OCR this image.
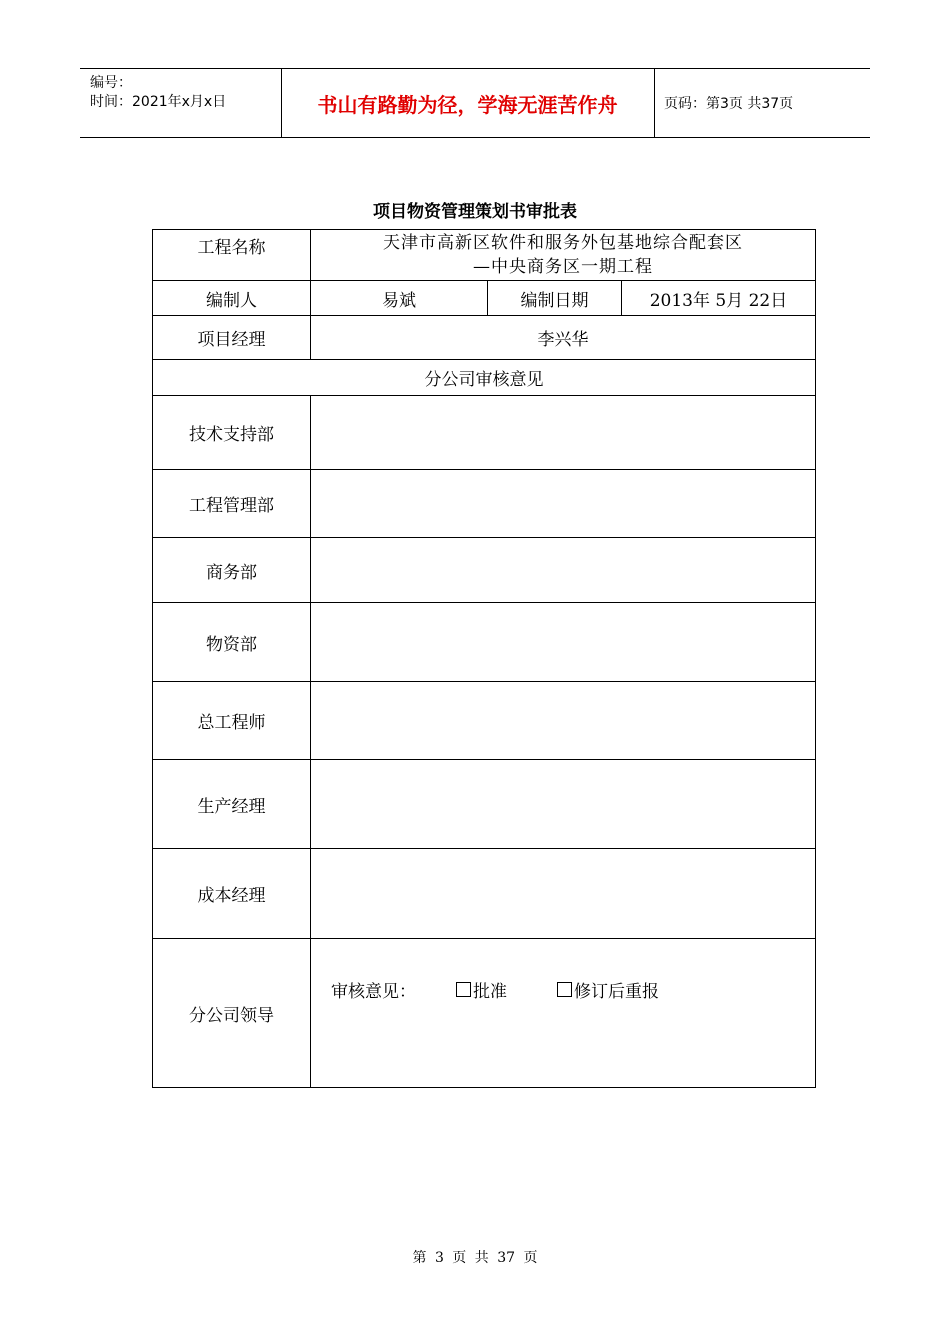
编号：
时间：2021年x月x日	书山有路勤为径，学海无涯苦作舟	页码：第3页 共37页
项目物资管理策划书审批表
工程名称	天津市高新区软件和服务外包基地综合配套区
—中央商务区一期工程		

编制人	易斌	编制日期	2013年 5月 22日
项目经理	李兴华		
分公司审核意见			
技术支持部			
工程管理部			
商务部			
物资部			
总工程师			
生产经理			
成本经理			
分公司领导	审核意见： 批准 修订后重报		
第 3 页 共 37 页
